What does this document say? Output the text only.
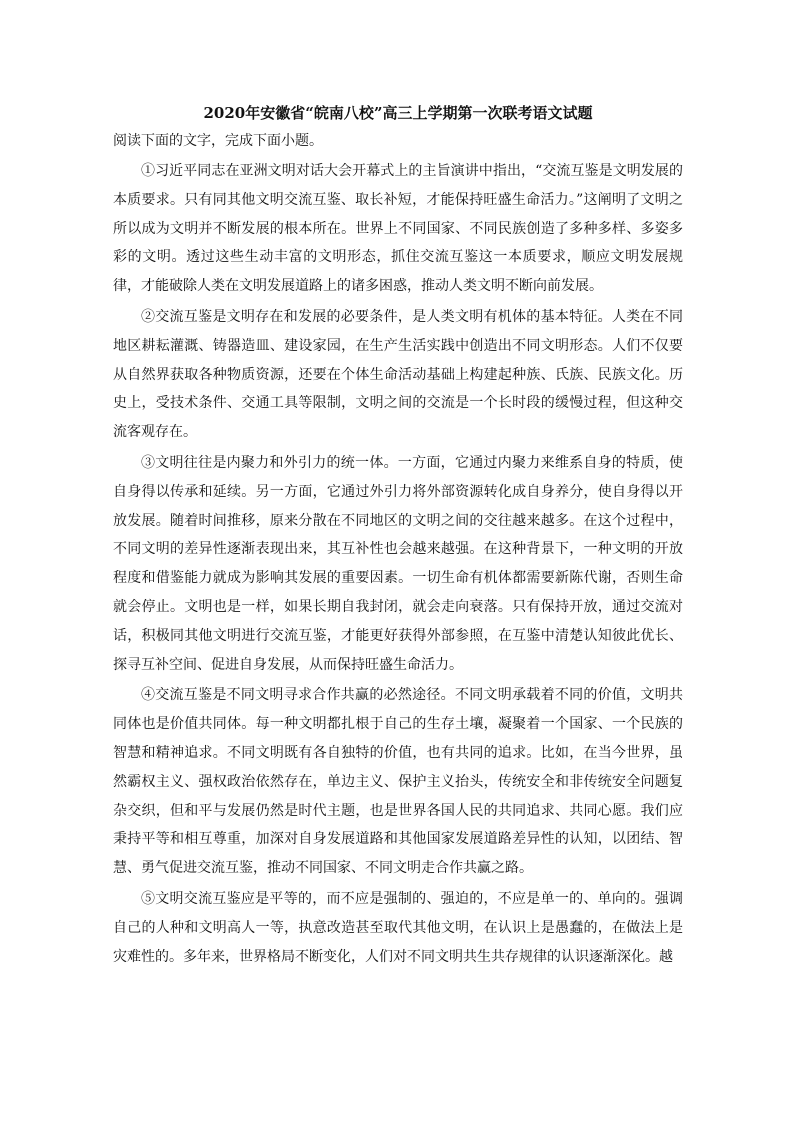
2020年安徽省“皖南八校”高三上学期第一次联考语文试题
阅读下面的文字，完成下面小题。

①习近平同志在亚洲文明对话大会开幕式上的主旨演讲中指出，“交流互鉴是文明发展的本质要求。只有同其他文明交流互鉴、取长补短，才能保持旺盛生命活力。”这阐明了文明之所以成为文明并不断发展的根本所在。世界上不同国家、不同民族创造了多种多样、多姿多彩的文明。透过这些生动丰富的文明形态，抓住交流互鉴这一本质要求，顺应文明发展规律，才能破除人类在文明发展道路上的诸多困惑，推动人类文明不断向前发展。

②交流互鉴是文明存在和发展的必要条件，是人类文明有机体的基本特征。人类在不同地区耕耘灌溉、铸器造皿、建设家园，在生产生活实践中创造出不同文明形态。人们不仅要从自然界获取各种物质资源，还要在个体生命活动基础上构建起种族、氏族、民族文化。历史上，受技术条件、交通工具等限制，文明之间的交流是一个长时段的缓慢过程，但这种交流客观存在。

③文明往往是内聚力和外引力的统一体。一方面，它通过内聚力来维系自身的特质，使自身得以传承和延续。另一方面，它通过外引力将外部资源转化成自身养分，使自身得以开放发展。随着时间推移，原来分散在不同地区的文明之间的交往越来越多。在这个过程中，不同文明的差异性逐渐表现出来，其互补性也会越来越强。在这种背景下，一种文明的开放程度和借鉴能力就成为影响其发展的重要因素。一切生命有机体都需要新陈代谢，否则生命就会停止。文明也是一样，如果长期自我封闭，就会走向衰落。只有保持开放，通过交流对话，积极同其他文明进行交流互鉴，才能更好获得外部参照，在互鉴中清楚认知彼此优长、探寻互补空间、促进自身发展，从而保持旺盛生命活力。

④交流互鉴是不同文明寻求合作共赢的必然途径。不同文明承载着不同的价值，文明共同体也是价值共同体。每一种文明都扎根于自己的生存土壤，凝聚着一个国家、一个民族的智慧和精神追求。不同文明既有各自独特的价值，也有共同的追求。比如，在当今世界，虽然霸权主义、强权政治依然存在，单边主义、保护主义抬头，传统安全和非传统安全问题复杂交织，但和平与发展仍然是时代主题，也是世界各国人民的共同追求、共同心愿。我们应秉持平等和相互尊重，加深对自身发展道路和其他国家发展道路差异性的认知，以团结、智慧、勇气促进交流互鉴，推动不同国家、不同文明走合作共赢之路。

⑤文明交流互鉴应是平等的，而不应是强制的、强迫的，不应是单一的、单向的。强调自己的人种和文明高人一等，执意改造甚至取代其他文明，在认识上是愚蠢的，在做法上是灾难性的。多年来，世界格局不断变化，人们对不同文明共生共存规律的认识逐渐深化。越
